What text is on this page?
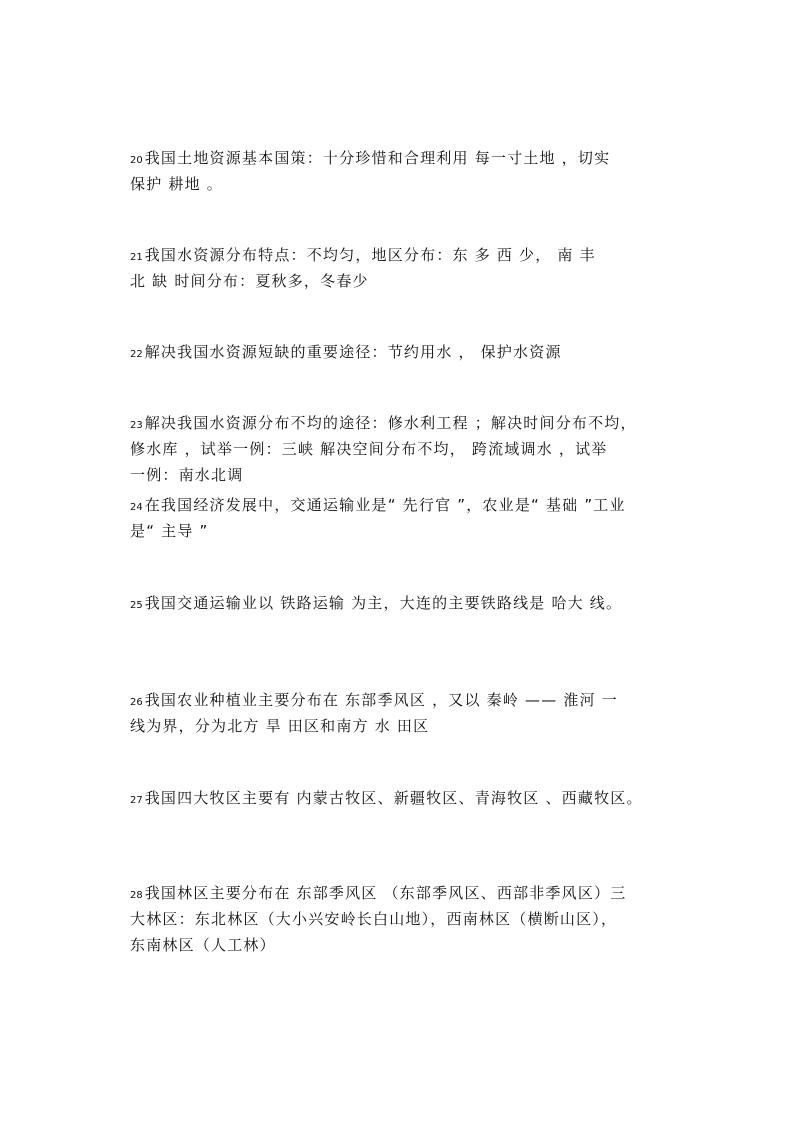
20 我国土地资源基本国策：十分珍惜和合理利用 每一寸土地 ，切实
保护 耕地 。
21 我国水资源分布特点：不均匀，地区分布：东 多 西 少， 南 丰
北 缺 时间分布：夏秋多，冬春少
22 解决我国水资源短缺的重要途径：节约用水 ， 保护水资源
23 解决我国水资源分布不均的途径：修水利工程 ；解决时间分布不均，
修水库 ，试举一例：三峡 解决空间分布不均， 跨流域调水 ，试举
一例：南水北调
24 在我国经济发展中，交通运输业是“ 先行官 ”，农业是“ 基础 ”工业
是“ 主导 ”
25 我国交通运输业以 铁路运输 为主，大连的主要铁路线是 哈大 线。
26 我国农业种植业主要分布在 东部季风区 ，又以 秦岭 —— 淮河 一
线为界，分为北方 旱 田区和南方 水 田区
27 我国四大牧区主要有 内蒙古牧区、新疆牧区、青海牧区 、西藏牧区。
28 我国林区主要分布在 东部季风区 （东部季风区、西部非季风区）三
大林区：东北林区（大小兴安岭长白山地），西南林区（横断山区），
东南林区（人工林）
